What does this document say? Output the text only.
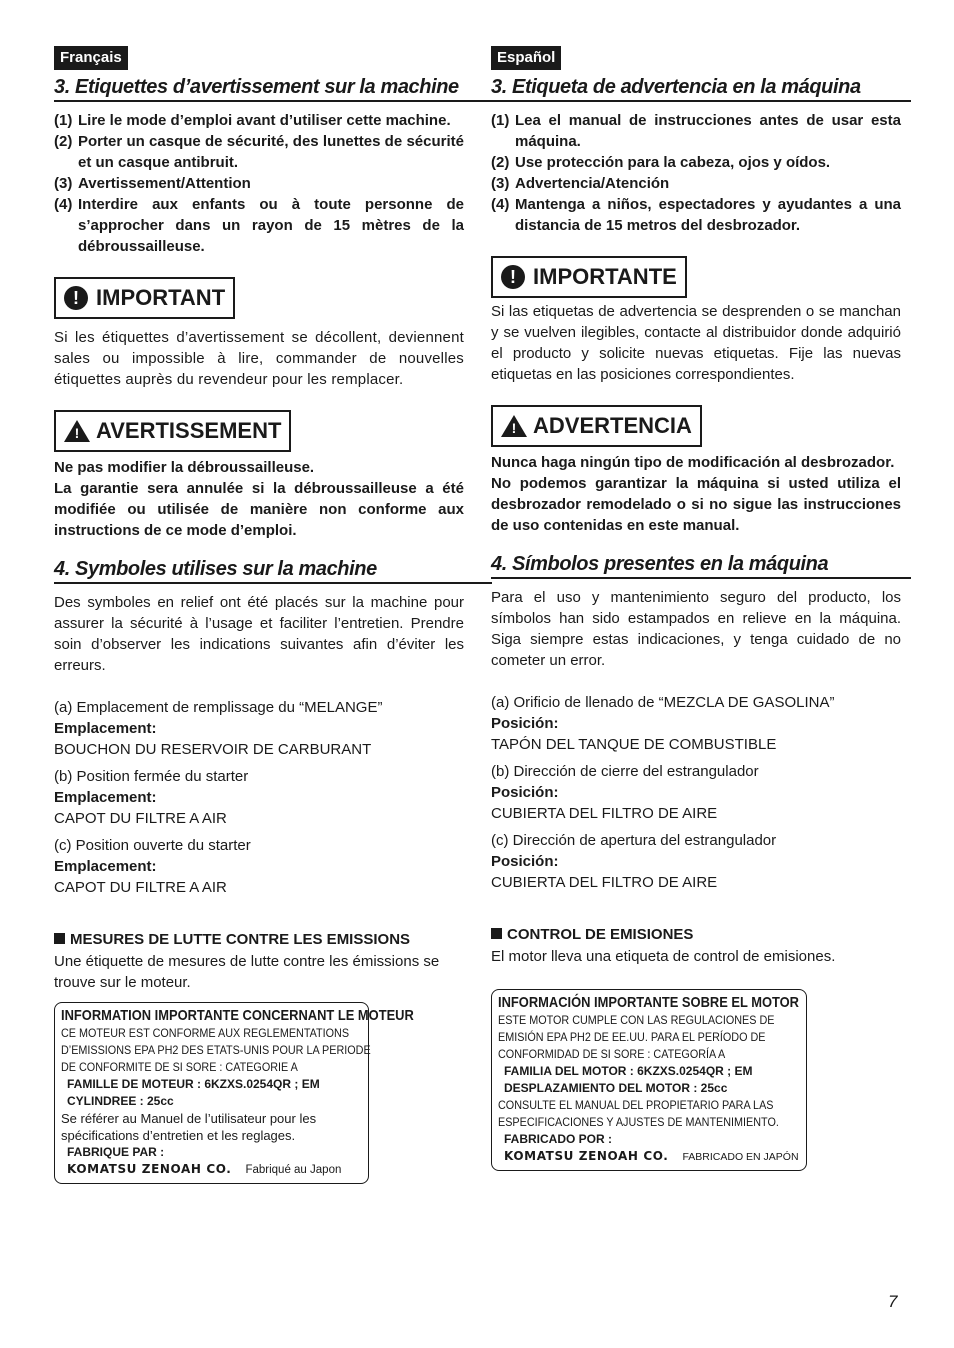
Français
3. Etiquettes d’avertissement sur la machine
(1) Lire le mode d’emploi avant d’utiliser cette machine.
(2) Porter un casque de sécurité, des lunettes de sécurité et un casque antibruit.
(3) Avertissement/Attention
(4) Interdire aux enfants ou à toute personne de s’approcher dans un rayon de 15 mètres de la débroussailleuse.
! IMPORTANT
Si les étiquettes d’avertissement se décollent, deviennent sales ou impossible à lire, commander de nouvelles étiquettes auprès du revendeur pour les remplacer.
! AVERTISSEMENT
Ne pas modifier la débroussailleuse.
La garantie sera annulée si la débroussailleuse a été modifiée ou utilisée de manière non conforme aux instructions de ce mode d’emploi.
4. Symboles utilises sur la machine
Des symboles en relief ont été placés sur la machine pour assurer la sécurité à l’usage et faciliter l’entretien. Prendre soin d’observer les indications suivantes afin d’éviter les erreurs.
(a) Emplacement de remplissage du “MELANGE”
Emplacement:
BOUCHON DU RESERVOIR DE CARBURANT
(b) Position fermée du starter
Emplacement:
CAPOT DU FILTRE A AIR
(c) Position ouverte du starter
Emplacement:
CAPOT DU FILTRE A AIR
MESURES DE LUTTE CONTRE LES EMISSIONS
Une étiquette de mesures de lutte contre les émissions se trouve sur le moteur.
INFORMATION IMPORTANTE CONCERNANT LE MOTEUR
CE MOTEUR EST CONFORME AUX REGLEMENTATIONS
D’EMISSIONS EPA PH2 DES ETATS-UNIS POUR LA PERIODE
DE CONFORMITE DE SI SORE : CATEGORIE A
FAMILLE DE MOTEUR : 6KZXS.0254QR ; EM
CYLINDREE : 25cc
Se référer au Manuel de l’utilisateur pour les spécifications d’entretien et les reglages.
FABRIQUE PAR :
KOMATSU ZENOAH CO. Fabriqué au Japon
Español
3. Etiqueta de advertencia en la máquina
(1) Lea el manual de instrucciones antes de usar esta máquina.
(2) Use protección para la cabeza, ojos y oídos.
(3) Advertencia/Atención
(4) Mantenga a niños, espectadores y ayudantes a una distancia de 15 metros del desbrozador.
! IMPORTANTE
Si las etiquetas de advertencia se desprenden o se manchan y se vuelven ilegibles, contacte al distribuidor donde adquirió el producto y solicite nuevas etiquetas. Fije las nuevas etiquetas en las posiciones correspondientes.
! ADVERTENCIA
Nunca haga ningún tipo de modificación al desbrozador.
No podemos garantizar la máquina si usted utiliza el desbrozador remodelado o si no sigue las instrucciones de uso contenidas en este manual.
4. Símbolos presentes en la máquina
Para el uso y mantenimiento seguro del producto, los símbolos han sido estampados en relieve en la máquina. Siga siempre estas indicaciones, y tenga cuidado de no cometer un error.
(a) Orificio de llenado de “MEZCLA DE GASOLINA”
Posición:
TAPÓN DEL TANQUE DE COMBUSTIBLE
(b) Dirección de cierre del estrangulador
Posición:
CUBIERTA DEL FILTRO DE AIRE
(c) Dirección de apertura del estrangulador
Posición:
CUBIERTA DEL FILTRO DE AIRE
CONTROL DE EMISIONES
El motor lleva una etiqueta de control de emisiones.
INFORMACIÓN IMPORTANTE SOBRE EL MOTOR
ESTE MOTOR CUMPLE CON LAS REGULACIONES DE
EMISIÓN EPA PH2 DE EE.UU. PARA EL PERÍODO DE
CONFORMIDAD DE SI SORE : CATEGORÍA A
FAMILIA DEL MOTOR : 6KZXS.0254QR ; EM
DESPLAZAMIENTO DEL MOTOR : 25cc
CONSULTE EL MANUAL DEL PROPIETARIO PARA LAS
ESPECIFICACIONES Y AJUSTES DE MANTENIMIENTO.
FABRICADO POR :
KOMATSU ZENOAH CO. FABRICADO EN JAPÓN
7
